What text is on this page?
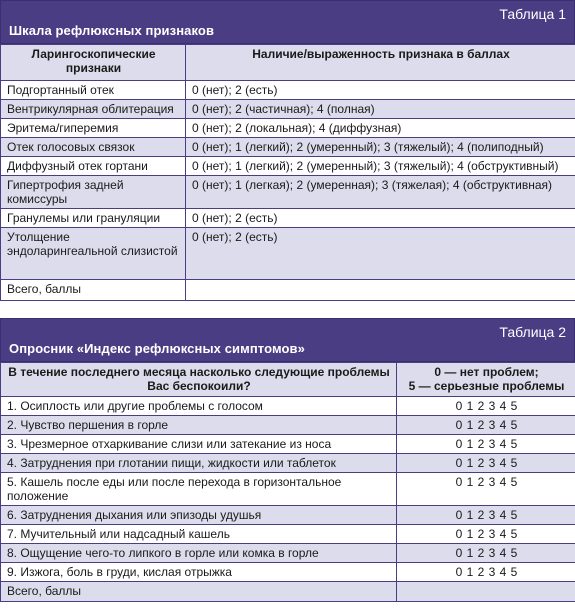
Таблица 1
Шкала рефлюксных признаков
Ларингоскопические признаки	Наличие/выраженность признака в баллах
Подгортанный отек	0 (нет); 2 (есть)
Вентрикулярная облитерация	0 (нет); 2 (частичная); 4 (полная)
Эритема/гиперемия	0 (нет); 2 (локальная); 4 (диффузная)
Отек голосовых связок	0 (нет); 1 (легкий); 2 (умеренный); 3 (тяжелый); 4 (полиподный)
Диффузный отек гортани	0 (нет); 1 (легкий); 2 (умеренный); 3 (тяжелый); 4 (обструктивный)
Гипертрофия задней комиссуры	0 (нет); 1 (легкая); 2 (умеренная); 3 (тяжелая); 4 (обструктивная)
Гранулемы или грануляции	0 (нет); 2 (есть)
Утолщение эндоларингеальной слизистой	0 (нет); 2 (есть)
Всего, баллы	
Таблица 2
Опросник «Индекс рефлюксных симптомов»
В течение последнего месяца насколько следующие проблемы Вас беспокоили?	0 — нет проблем;
5 — серьезные проблемы

1. Осиплость или другие проблемы с голосом	0 1 2 3 4 5
2. Чувство першения в горле	0 1 2 3 4 5
3. Чрезмерное отхаркивание слизи или затекание из носа	0 1 2 3 4 5
4. Затруднения при глотании пищи, жидкости или таблеток	0 1 2 3 4 5
5. Кашель после еды или после перехода в горизонтальное положение	0 1 2 3 4 5
6. Затруднения дыхания или эпизоды удушья	0 1 2 3 4 5
7. Мучительный или надсадный кашель	0 1 2 3 4 5
8. Ощущение чего-то липкого в горле или комка в горле	0 1 2 3 4 5
9. Изжога, боль в груди, кислая отрыжка	0 1 2 3 4 5
Всего, баллы	
